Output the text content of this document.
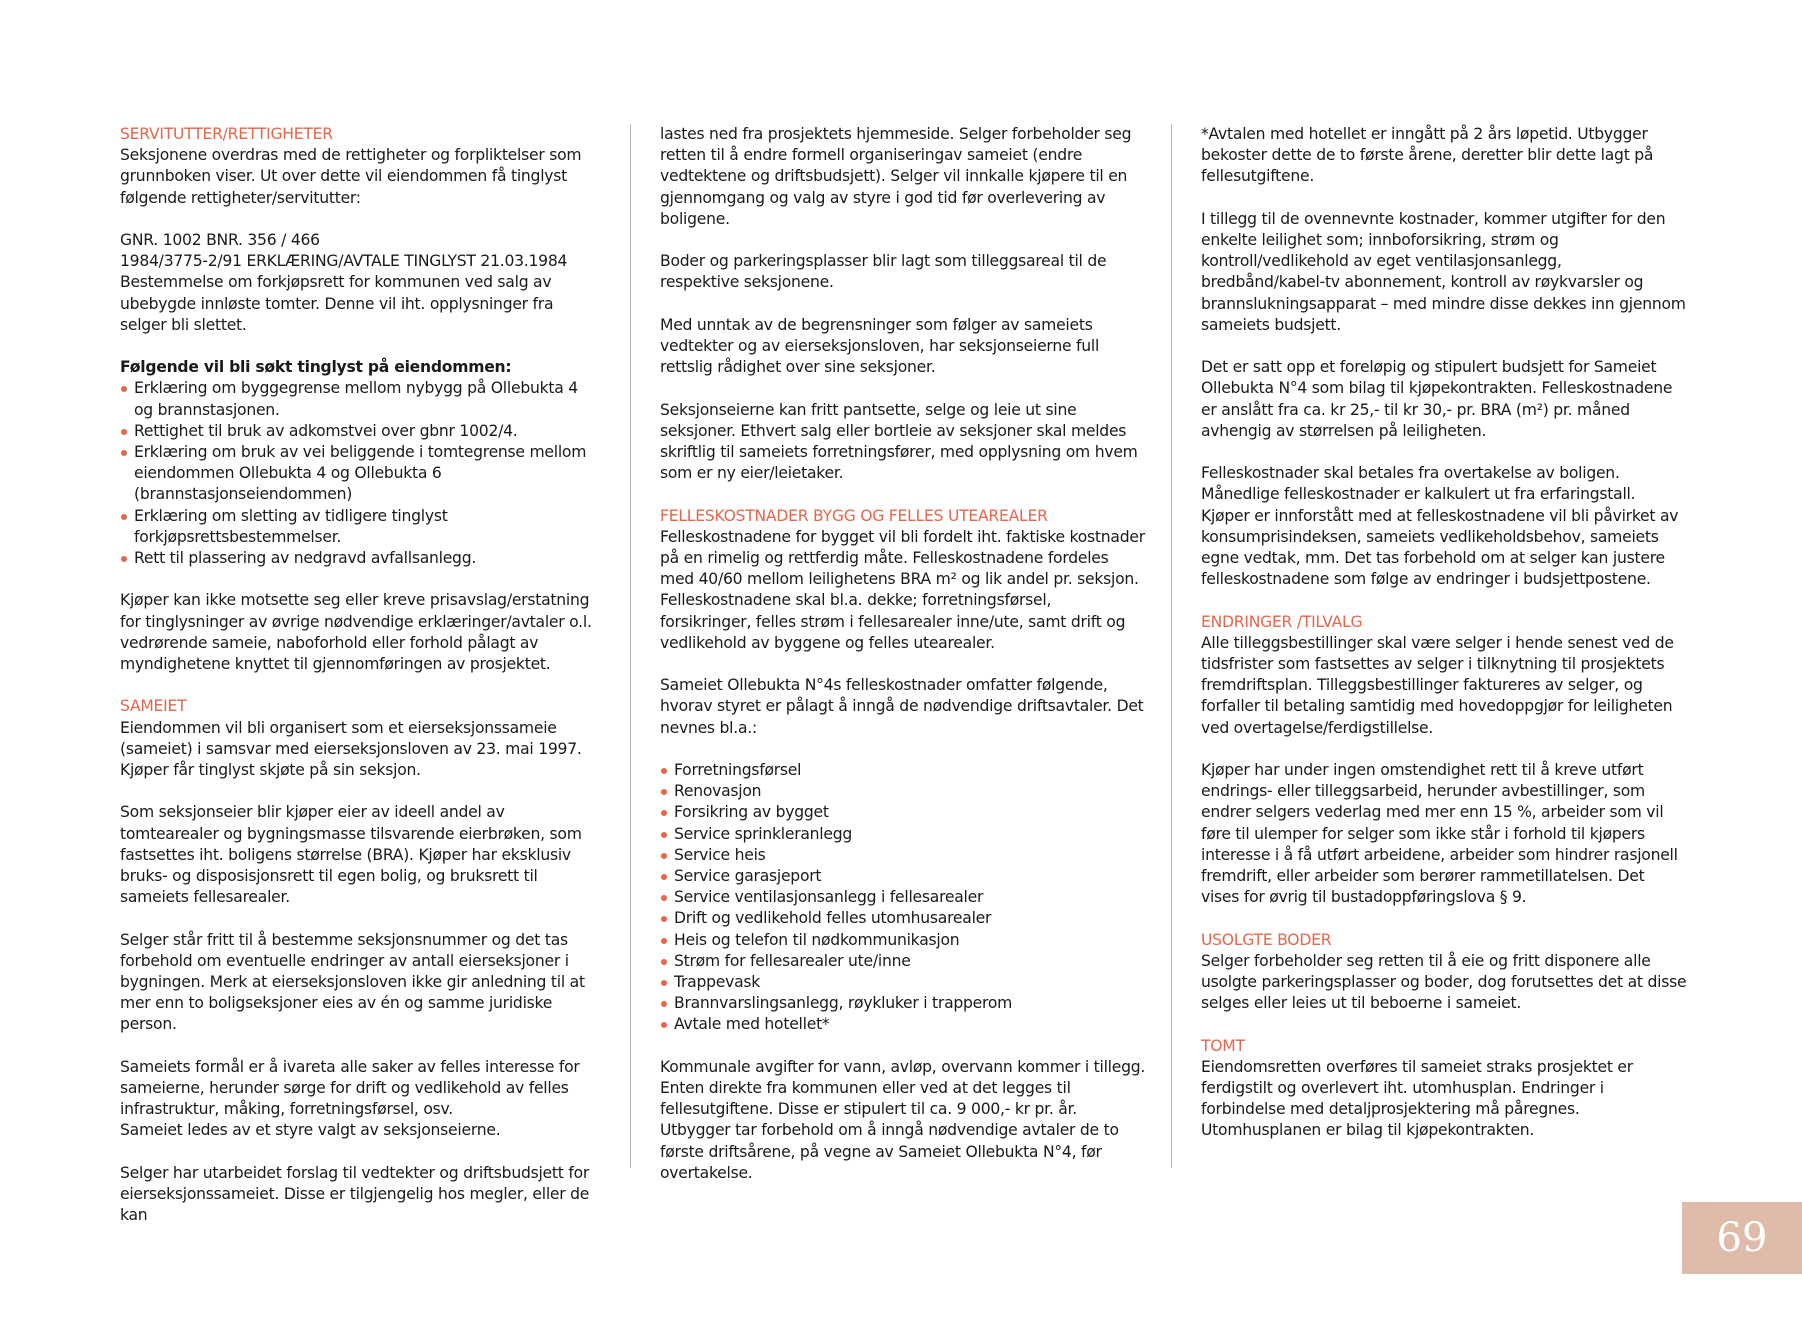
SERVITUTTER/RETTIGHETER

Seksjonene overdras med de rettigheter og forpliktelser som grunnboken viser. Ut over dette vil eiendommen få tinglyst følgende rettigheter/servitutter:

GNR. 1002 BNR. 356 / 466

1984/3775-2/91 ERKLÆRING/AVTALE TINGLYST 21.03.1984

Bestemmelse om forkjøpsrett for kommunen ved salg av ubebygde innløste tomter. Denne vil iht. opplysninger fra selger bli slettet.

Følgende vil bli søkt tinglyst på eiendommen:

Erklæring om byggegrense mellom nybygg på Ollebukta 4 og brannstasjonen.
Rettighet til bruk av adkomstvei over gbnr 1002/4.
Erklæring om bruk av vei beliggende i tomtegrense mellom eiendommen Ollebukta 4 og Ollebukta 6 (brannstasjonseiendommen)
Erklæring om sletting av tidligere tinglyst forkjøpsrettsbestemmelser.
Rett til plassering av nedgravd avfallsanlegg.

Kjøper kan ikke motsette seg eller kreve prisavslag/erstatning for tinglysninger av øvrige nødvendige erklæringer/avtaler o.l. vedrørende sameie, naboforhold eller forhold pålagt av myndighetene knyttet til gjennomføringen av prosjektet.

SAMEIET

Eiendommen vil bli organisert som et eierseksjonssameie (sameiet) i samsvar med eierseksjonsloven av 23. mai 1997. Kjøper får tinglyst skjøte på sin seksjon.

Som seksjonseier blir kjøper eier av ideell andel av tomtearealer og bygningsmasse tilsvarende eierbrøken, som fastsettes iht. boligens størrelse (BRA). Kjøper har eksklusiv bruks- og disposisjonsrett til egen bolig, og bruksrett til sameiets fellesarealer.

Selger står fritt til å bestemme seksjonsnummer og det tas forbehold om eventuelle endringer av antall eierseksjoner i bygningen. Merk at eierseksjonsloven ikke gir anledning til at mer enn to boligseksjoner eies av én og samme juridiske person.

Sameiets formål er å ivareta alle saker av felles interesse for sameierne, herunder sørge for drift og vedlikehold av felles infrastruktur, måking, forretningsførsel, osv.

Sameiet ledes av et styre valgt av seksjonseierne.

Selger har utarbeidet forslag til vedtekter og driftsbudsjett for eierseksjonssameiet. Disse er tilgjengelig hos megler, eller de kan

lastes ned fra prosjektets hjemmeside. Selger forbeholder seg retten til å endre formell organiseringav sameiet (endre vedtektene og driftsbudsjett). Selger vil innkalle kjøpere til en gjennomgang og valg av styre i god tid før overlevering av boligene.

Boder og parkeringsplasser blir lagt som tilleggsareal til de respektive seksjonene.

Med unntak av de begrensninger som følger av sameiets vedtekter og av eierseksjonsloven, har seksjonseierne full rettslig rådighet over sine seksjoner.

Seksjonseierne kan fritt pantsette, selge og leie ut sine seksjoner. Ethvert salg eller bortleie av seksjoner skal meldes skriftlig til sameiets forretningsfører, med opplysning om hvem som er ny eier/leietaker.

FELLESKOSTNADER BYGG OG FELLES UTEAREALER

Felleskostnadene for bygget vil bli fordelt iht. faktiske kostnader på en rimelig og rettferdig måte. Felleskostnadene fordeles med 40/60 mellom leilighetens BRA m² og lik andel pr. seksjon. Felleskostnadene skal bl.a. dekke; forretningsførsel, forsikringer, felles strøm i fellesarealer inne/ute, samt drift og vedlikehold av byggene og felles utearealer.

Sameiet Ollebukta N°4s felleskostnader omfatter følgende, hvorav styret er pålagt å inngå de nødvendige driftsavtaler. Det nevnes bl.a.:

Forretningsførsel
Renovasjon
Forsikring av bygget
Service sprinkleranlegg
Service heis
Service garasjeport
Service ventilasjonsanlegg i fellesarealer
Drift og vedlikehold felles utomhusarealer
Heis og telefon til nødkommunikasjon
Strøm for fellesarealer ute/inne
Trappevask
Brannvarslingsanlegg, røykluker i trapperom
Avtale med hotellet*

Kommunale avgifter for vann, avløp, overvann kommer i tillegg. Enten direkte fra kommunen eller ved at det legges til fellesutgiftene. Disse er stipulert til ca. 9 000,- kr pr. år. Utbygger tar forbehold om å inngå nødvendige avtaler de to første driftsårene, på vegne av Sameiet Ollebukta N°4, før overtakelse.

*Avtalen med hotellet er inngått på 2 års løpetid. Utbygger bekoster dette de to første årene, deretter blir dette lagt på fellesutgiftene.

I tillegg til de ovennevnte kostnader, kommer utgifter for den enkelte leilighet som; innboforsikring, strøm og kontroll/vedlikehold av eget ventilasjonsanlegg, bredbånd/kabel-tv abonnement, kontroll av røykvarsler og brannslukningsapparat – med mindre disse dekkes inn gjennom sameiets budsjett.

Det er satt opp et foreløpig og stipulert budsjett for Sameiet Ollebukta N°4 som bilag til kjøpekontrakten. Felleskostnadene er anslått fra ca. kr 25,- til kr 30,- pr. BRA (m²) pr. måned avhengig av størrelsen på leiligheten.

Felleskostnader skal betales fra overtakelse av boligen. Månedlige felleskostnader er kalkulert ut fra erfaringstall. Kjøper er innforstått med at felleskostnadene vil bli påvirket av konsumprisindeksen, sameiets vedlikeholdsbehov, sameiets egne vedtak, mm. Det tas forbehold om at selger kan justere felleskostnadene som følge av endringer i budsjettpostene.

ENDRINGER /TILVALG

Alle tilleggsbestillinger skal være selger i hende senest ved de tidsfrister som fastsettes av selger i tilknytning til prosjektets fremdriftsplan. Tilleggsbestillinger faktureres av selger, og forfaller til betaling samtidig med hovedoppgjør for leiligheten ved overtagelse/ferdigstillelse.

Kjøper har under ingen omstendighet rett til å kreve utført endrings- eller tilleggsarbeid, herunder avbestillinger, som endrer selgers vederlag med mer enn 15 %, arbeider som vil føre til ulemper for selger som ikke står i forhold til kjøpers interesse i å få utført arbeidene, arbeider som hindrer rasjonell fremdrift, eller arbeider som berører rammetillatelsen. Det vises for øvrig til bustadoppføringslova § 9.

USOLGTE BODER

Selger forbeholder seg retten til å eie og fritt disponere alle usolgte parkeringsplasser og boder, dog forutsettes det at disse selges eller leies ut til beboerne i sameiet.

TOMT

Eiendomsretten overføres til sameiet straks prosjektet er ferdigstilt og overlevert iht. utomhusplan. Endringer i forbindelse med detaljprosjektering må påregnes. Utomhusplanen er bilag til kjøpekontrakten.

69
